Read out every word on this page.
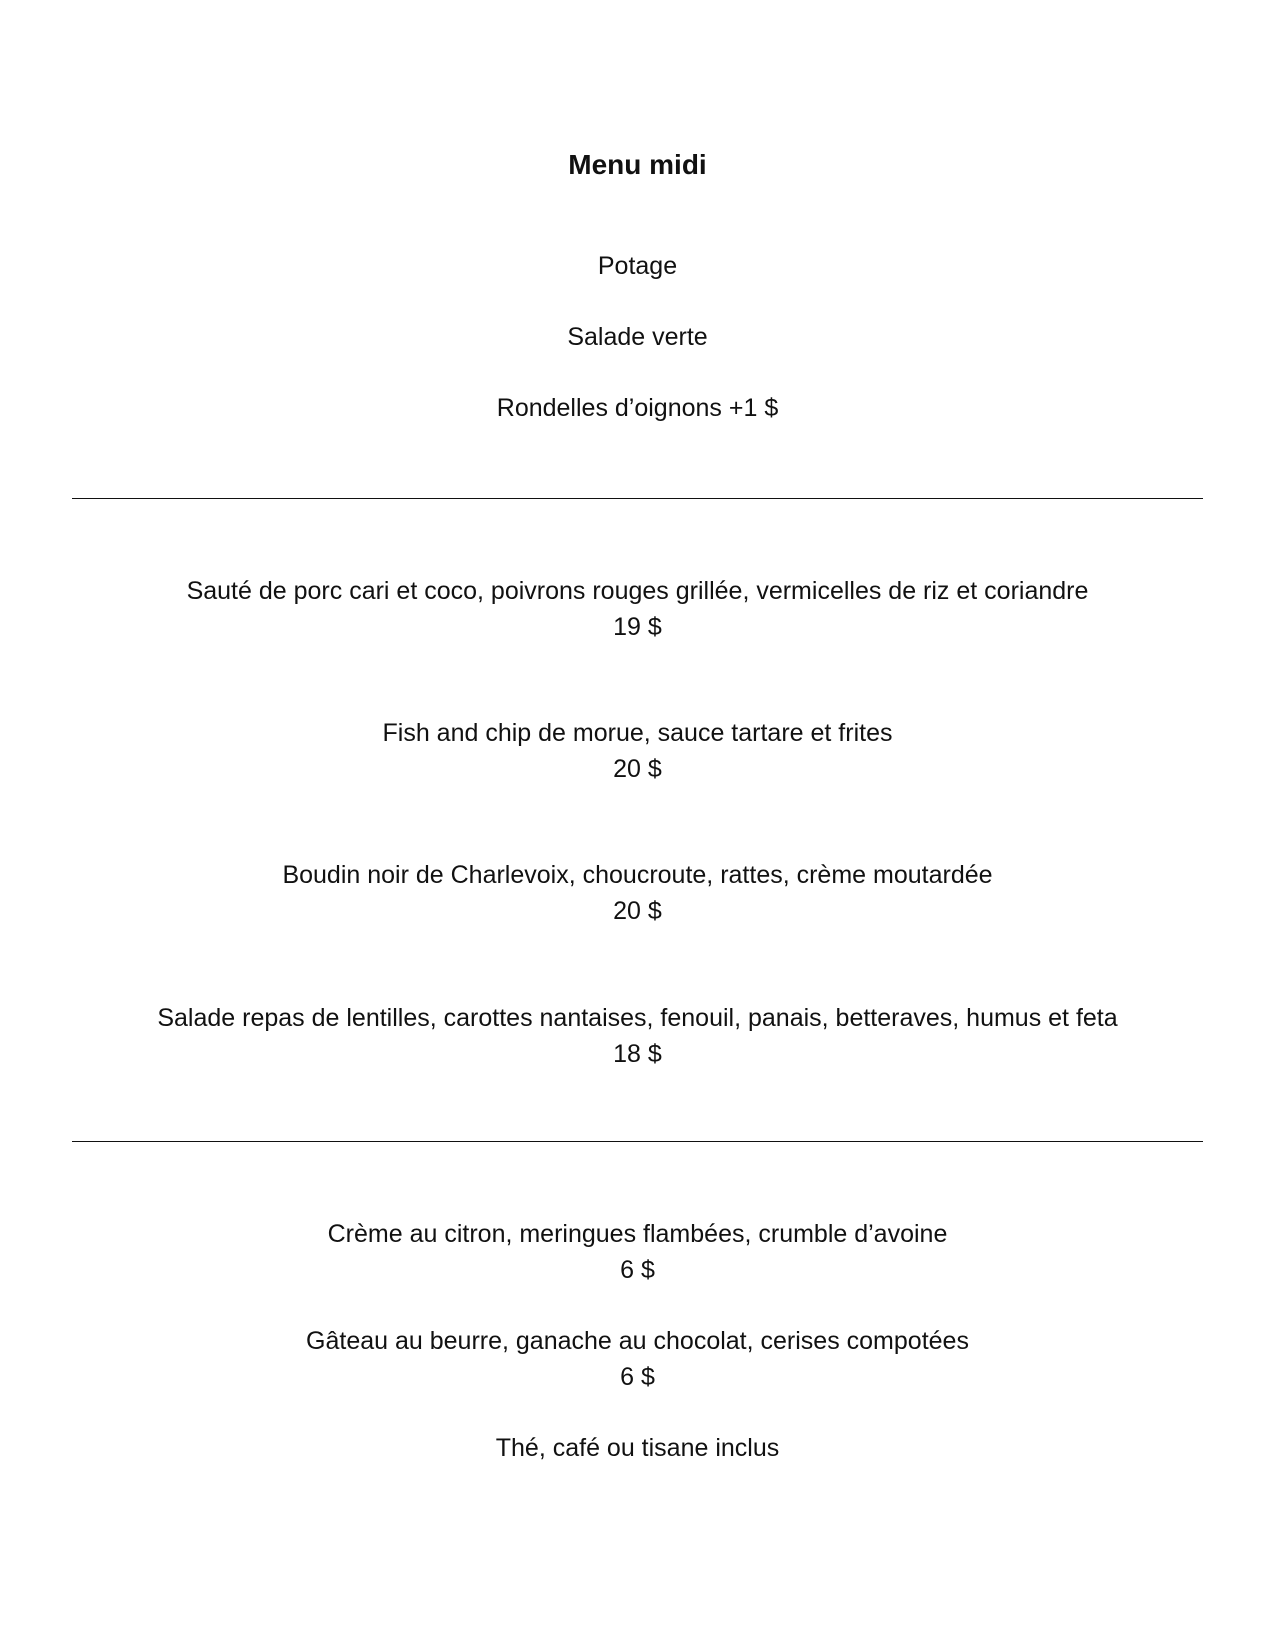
Menu midi
Potage
Salade verte
Rondelles d’oignons +1 $
Sauté de porc cari et coco, poivrons rouges grillée, vermicelles de riz et coriandre
19 $
Fish and chip de morue, sauce tartare et frites
20 $
Boudin noir de Charlevoix, choucroute, rattes, crème moutardée
20 $
Salade repas de lentilles, carottes nantaises, fenouil, panais, betteraves, humus et feta
18 $
Crème au citron, meringues flambées, crumble d’avoine
6 $
Gâteau au beurre, ganache au chocolat, cerises compotées
6 $
Thé, café ou tisane inclus
